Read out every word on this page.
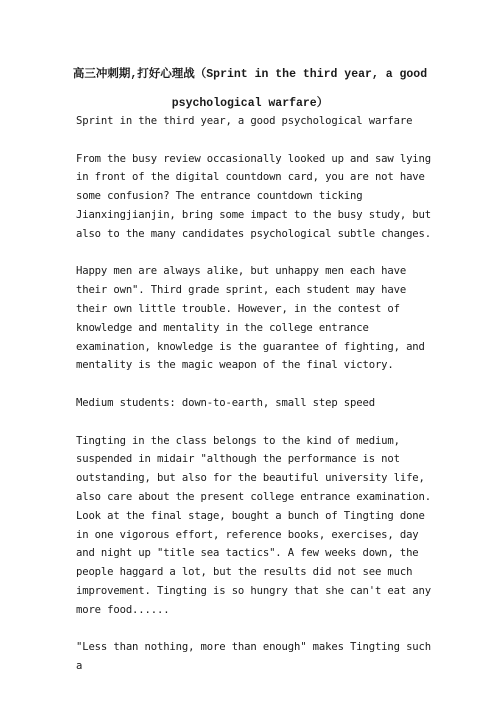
高三冲刺期,打好心理战（Sprint in the third year, a good psychological warfare）

Sprint in the third year, a good psychological warfare

From the busy review occasionally looked up and saw lying in front of the digital countdown card, you are not have some confusion? The entrance countdown ticking Jianxingjianjin, bring some impact to the busy study, but also to the many candidates psychological subtle changes.

Happy men are always alike, but unhappy men each have their own". Third grade sprint, each student may have their own little trouble. However, in the contest of knowledge and mentality in the college entrance examination, knowledge is the guarantee of fighting, and mentality is the magic weapon of the final victory.

Medium students: down-to-earth, small step speed

Tingting in the class belongs to the kind of medium, suspended in midair "although the performance is not outstanding, but also for the beautiful university life, also care about the present college entrance examination. Look at the final stage, bought a bunch of Tingting done in one vigorous effort, reference books, exercises, day and night up "title sea tactics". A few weeks down, the people haggard a lot, but the results did not see much improvement. Tingting is so hungry that she can't eat any more food......

"Less than nothing, more than enough" makes Tingting such a
